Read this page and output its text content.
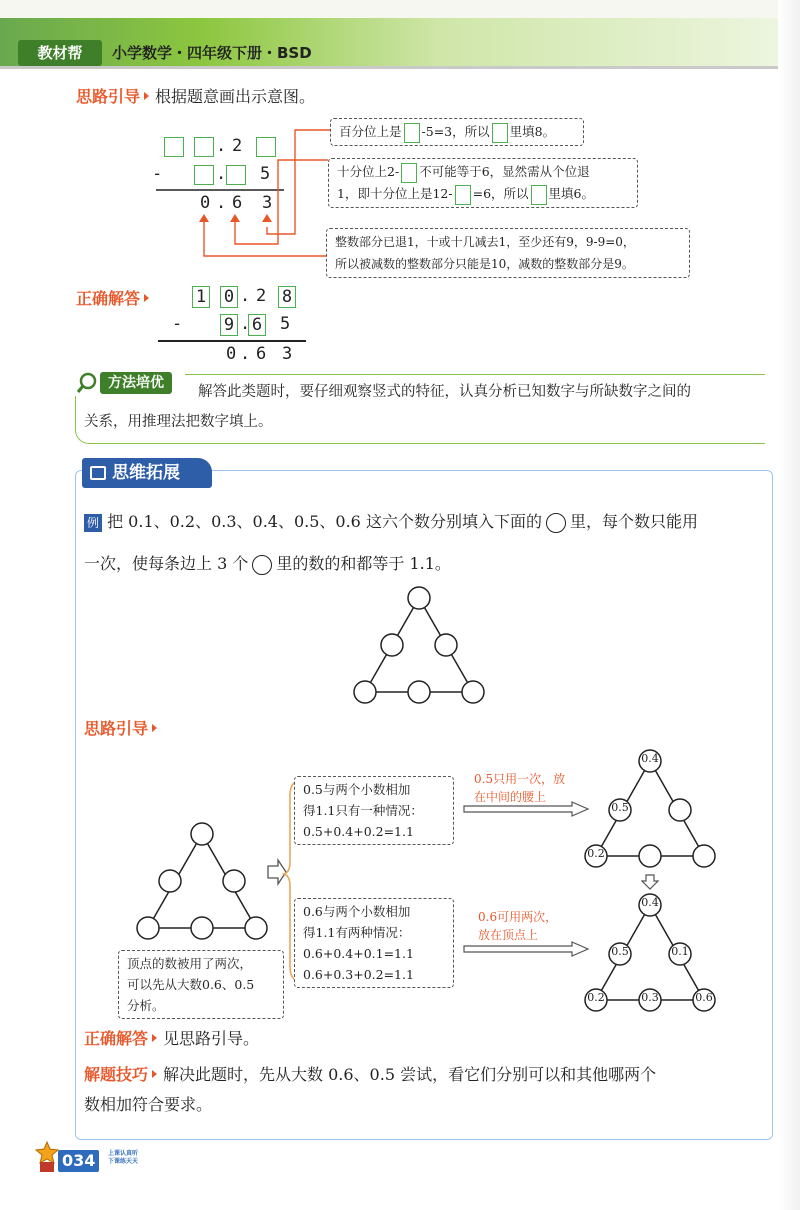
教材帮	小学数学・四年级下册・BSD
思路引导 根据题意画出示意图。
. 2
-	. 5
0 . 6 3
百分位上是 -5=3，所以 里填8。
十分位上2- 不可能等于6，显然需从个位退
1，即十分位上是12- =6，所以 里填6。
整数部分已退1，十或十几减去1，至少还有9，9-9=0，
所以被减数的整数部分只能是10，减数的整数部分是9。
正确解答	1 0 . 2 8
- 9 . 6 5
0 . 6 3
方法培优
解答此类题时，要仔细观察竖式的特征，认真分析已知数字与所缺数字之间的
关系，用推理法把数字填上。
思维拓展
例 把 0.1、0.2、0.3、0.4、0.5、0.6 这六个数分别填入下面的 里，每个数只能用
一次，使每条边上 3 个 里的数的和都等于 1.1。
思路引导
顶点的数被用了两次，
可以先从大数0.6、0.5
分析。
0.5与两个小数相加
得1.1只有一种情况：
0.5+0.4+0.2=1.1
0.6与两个小数相加
得1.1有两种情况：
0.6+0.4+0.1=1.1
0.6+0.3+0.2=1.1
0.5只用一次，放
在中间的腰上
0.6可用两次，
放在顶点上
0.4
0.5
0.2
0.4
0.5	0.1
0.2	0.3	0.6
正确解答 见思路引导。
解题技巧 解决此题时，先从大数 0.6、0.5 尝试，看它们分别可以和其他哪两个
数相加符合要求。
034	上课认真听
下课练天天
